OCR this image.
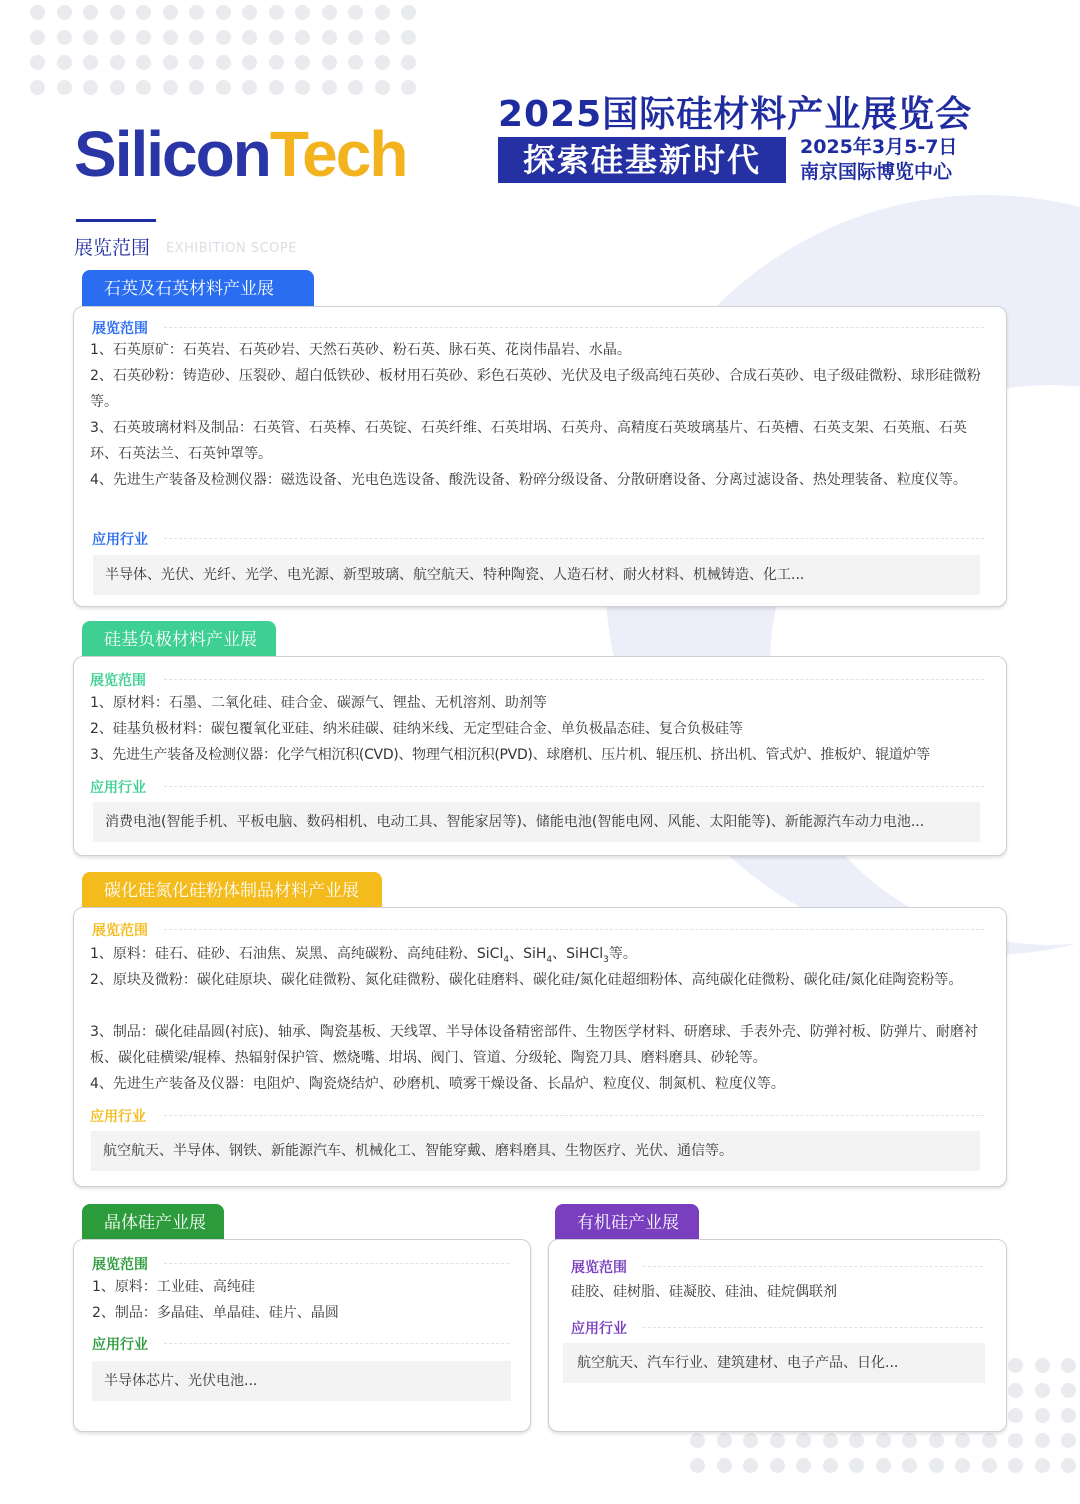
SiliconTech
2025国际硅材料产业展览会
探索硅基新时代	2025年3月5-7日
南京国际博览中心
展览范围 EXHIBITION SCOPE
石英及石英材料产业展
展览范围
1、石英原矿：石英岩、石英砂岩、天然石英砂、粉石英、脉石英、花岗伟晶岩、水晶。
2、石英砂粉：铸造砂、压裂砂、超白低铁砂、板材用石英砂、彩色石英砂、光伏及电子级高纯石英砂、合成石英砂、电子级硅微粉、球形硅微粉等。
3、石英玻璃材料及制品：石英管、石英棒、石英锭、石英纤维、石英坩埚、石英舟、高精度石英玻璃基片、石英槽、石英支架、石英瓶、石英环、石英法兰、石英钟罩等。
4、先进生产装备及检测仪器：磁选设备、光电色选设备、酸洗设备、粉碎分级设备、分散研磨设备、分离过滤设备、热处理装备、粒度仪等。
应用行业
半导体、光伏、光纤、光学、电光源、新型玻璃、航空航天、特种陶瓷、人造石材、耐火材料、机械铸造、化工...
硅基负极材料产业展
展览范围
1、原材料：石墨、二氧化硅、硅合金、碳源气、锂盐、无机溶剂、助剂等
2、硅基负极材料：碳包覆氧化亚硅、纳米硅碳、硅纳米线、无定型硅合金、单负极晶态硅、复合负极硅等
3、先进生产装备及检测仪器：化学气相沉积(CVD)、物理气相沉积(PVD)、球磨机、压片机、辊压机、挤出机、管式炉、推板炉、辊道炉等
应用行业
消费电池(智能手机、平板电脑、数码相机、电动工具、智能家居等)、储能电池(智能电网、风能、太阳能等)、新能源汽车动力电池...
碳化硅氮化硅粉体制品材料产业展
展览范围
1、原料：硅石、硅砂、石油焦、炭黑、高纯碳粉、高纯硅粉、SiCl$_4$、SiH$_4$、SiHCl$_3$等。
2、原块及微粉：碳化硅原块、碳化硅微粉、氮化硅微粉、碳化硅磨料、碳化硅/氮化硅超细粉体、高纯碳化硅微粉、碳化硅/氮化硅陶瓷粉等。
3、制品：碳化硅晶圆(衬底)、轴承、陶瓷基板、天线罩、半导体设备精密部件、生物医学材料、研磨球、手表外壳、防弹衬板、防弹片、耐磨衬板、碳化硅横梁/辊棒、热辐射保护管、燃烧嘴、坩埚、阀门、管道、分级轮、陶瓷刀具、磨料磨具、砂轮等。
4、先进生产装备及仪器：电阻炉、陶瓷烧结炉、砂磨机、喷雾干燥设备、长晶炉、粒度仪、制氮机、粒度仪等。
应用行业
航空航天、半导体、钢铁、新能源汽车、机械化工、智能穿戴、磨料磨具、生物医疗、光伏、通信等。
晶体硅产业展
展览范围
1、原料：工业硅、高纯硅
2、制品：多晶硅、单晶硅、硅片、晶圆
应用行业
半导体芯片、光伏电池...
有机硅产业展
展览范围
硅胶、硅树脂、硅凝胶、硅油、硅烷偶联剂
应用行业
航空航天、汽车行业、建筑建材、电子产品、日化...
